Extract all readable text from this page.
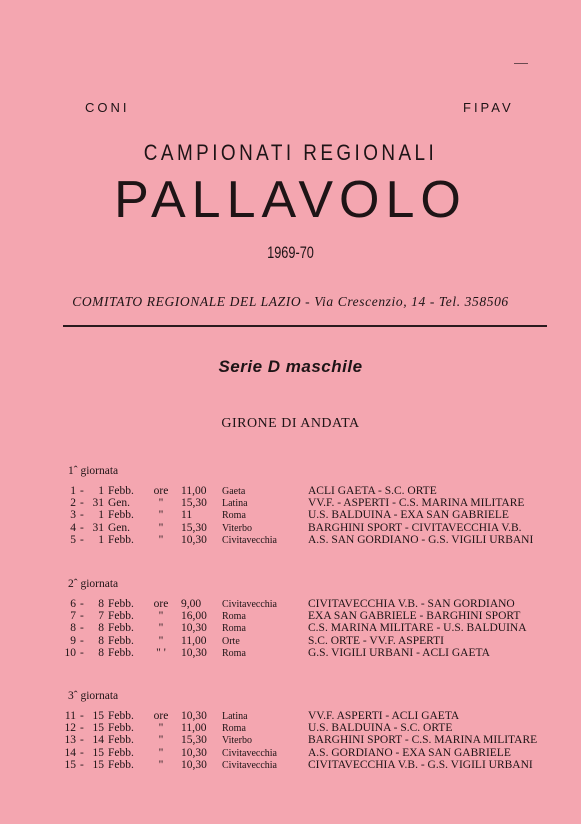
CONI	FIPAV
CAMPIONATI REGIONALI
PALLAVOLO
1969-70
COMITATO REGIONALE DEL LAZIO - Via Crescenzio, 14 - Tel. 358506
Serie D maschile
GIRONE DI ANDATA
1ˆ giornata
2ˆ giornata
3ˆ giornata
1 -	1 Febb. ore 11,00 Gaeta	ACLI GAETA - S.C. ORTE
2 - 31 Gen.	"	15,30 Latina	VV.F. - ASPERTI - C.S. MARINA MILITARE
3 -	1 Febb.	"	11	Roma	U.S. BALDUINA - EXA SAN GABRIELE
4 - 31 Gen.	"	15,30 Viterbo	BARGHINI SPORT - CIVITAVECCHIA V.B.
5 -	1 Febb.	"	10,30 Civitavecchia	A.S. SAN GORDIANO - G.S. VIGILI URBANI
6 -	8 Febb. ore 9,00 Civitavecchia	CIVITAVECCHIA V.B. - SAN GORDIANO
7 -	7 Febb.	"	16,00 Roma	EXA SAN GABRIELE - BARGHINI SPORT
8 -	8 Febb.	"	10,30 Roma	C.S. MARINA MILITARE - U.S. BALDUINA
9 -	8 Febb.	"	11,00 Orte	S.C. ORTE - VV.F. ASPERTI
10 -	8 Febb.	" '	10,30 Roma	G.S. VIGILI URBANI - ACLI GAETA
11 - 15 Febb. ore 10,30 Latina	VV.F. ASPERTI - ACLI GAETA
12 - 15 Febb.	"	11,00 Roma	U.S. BALDUINA - S.C. ORTE
13 - 14 Febb.	"	15,30 Viterbo	BARGHINI SPORT - C.S. MARINA MILITARE
14 - 15 Febb.	"	10,30 Civitavecchia	A.S. GORDIANO - EXA SAN GABRIELE
15 - 15 Febb.	"	10,30 Civitavecchia	CIVITAVECCHIA V.B. - G.S. VIGILI URBANI
